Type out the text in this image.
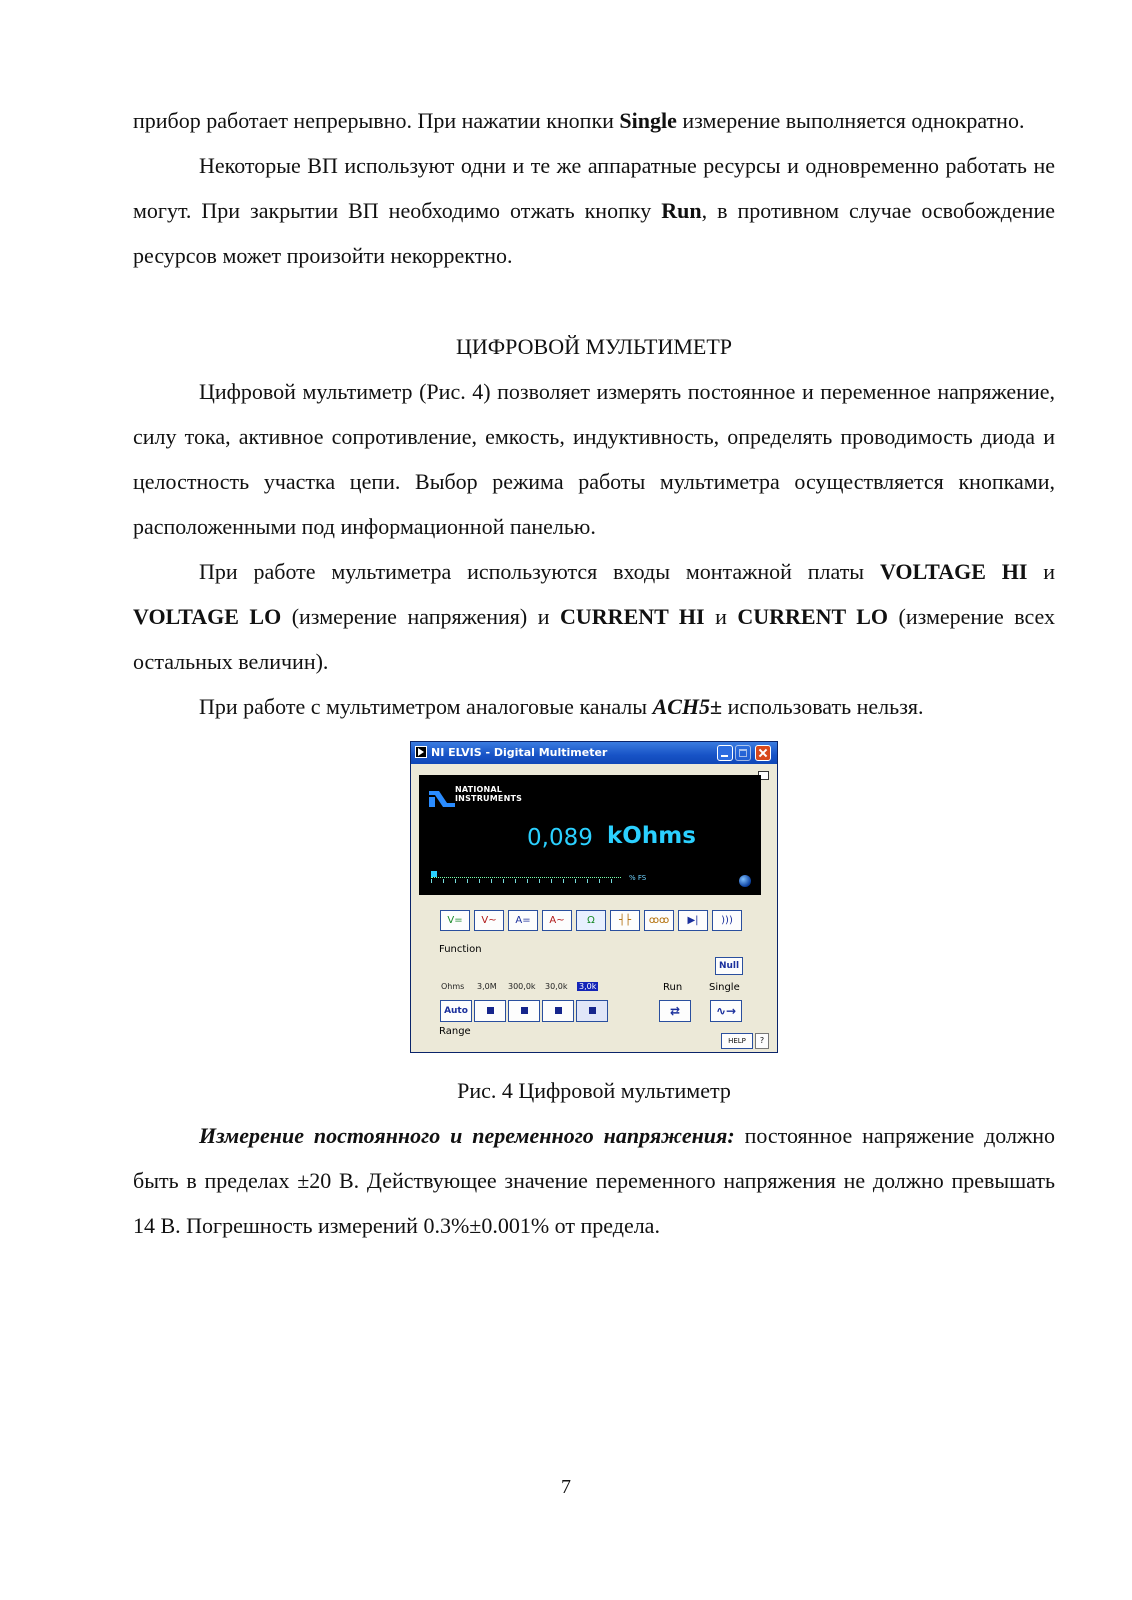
прибор работает непрерывно. При нажатии кнопки Single измерение выполняется однократно.

Некоторые ВП используют одни и те же аппаратные ресурсы и одновременно работать не могут. При закрытии ВП необходимо отжать кнопку Run, в противном случае освобождение ресурсов может произойти некорректно.

ЦИФРОВОЙ МУЛЬТИМЕТР

Цифровой мультиметр (Рис. 4) позволяет измерять постоянное и переменное напряжение, силу тока, активное сопротивление, емкость, индуктивность, определять проводимость диода и целостность участка цепи. Выбор режима работы мультиметра осуществляется кнопками, расположенными под информационной панелью.

При работе мультиметра используются входы монтажной платы VOLTAGE HI и VOLTAGE LO (измерение напряжения) и CURRENT HI и CURRENT LO (измерение всех остальных величин).

При работе с мультиметром аналоговые каналы ACH5± использовать нельзя.

NI ELVIS - Digital Multimeter
NATIONAL
INSTRUMENTS
0,089 kOhms
% FS
V=	V~	A=	A~	Ω	┤├	ꝏꝏ	▶|	)))
Function
Null
Ohms 3,0M 300,0k 30,0k 3,0k
Auto
Range
Run
⇄
Single
∿→
HELP	?

Рис. 4 Цифровой мультиметр

Измерение постоянного и переменного напряжения: постоянное напряжение должно быть в пределах ±20 В. Действующее значение переменного напряжения не должно превышать 14 В. Погрешность измерений 0.3%±0.001% от предела.

7
